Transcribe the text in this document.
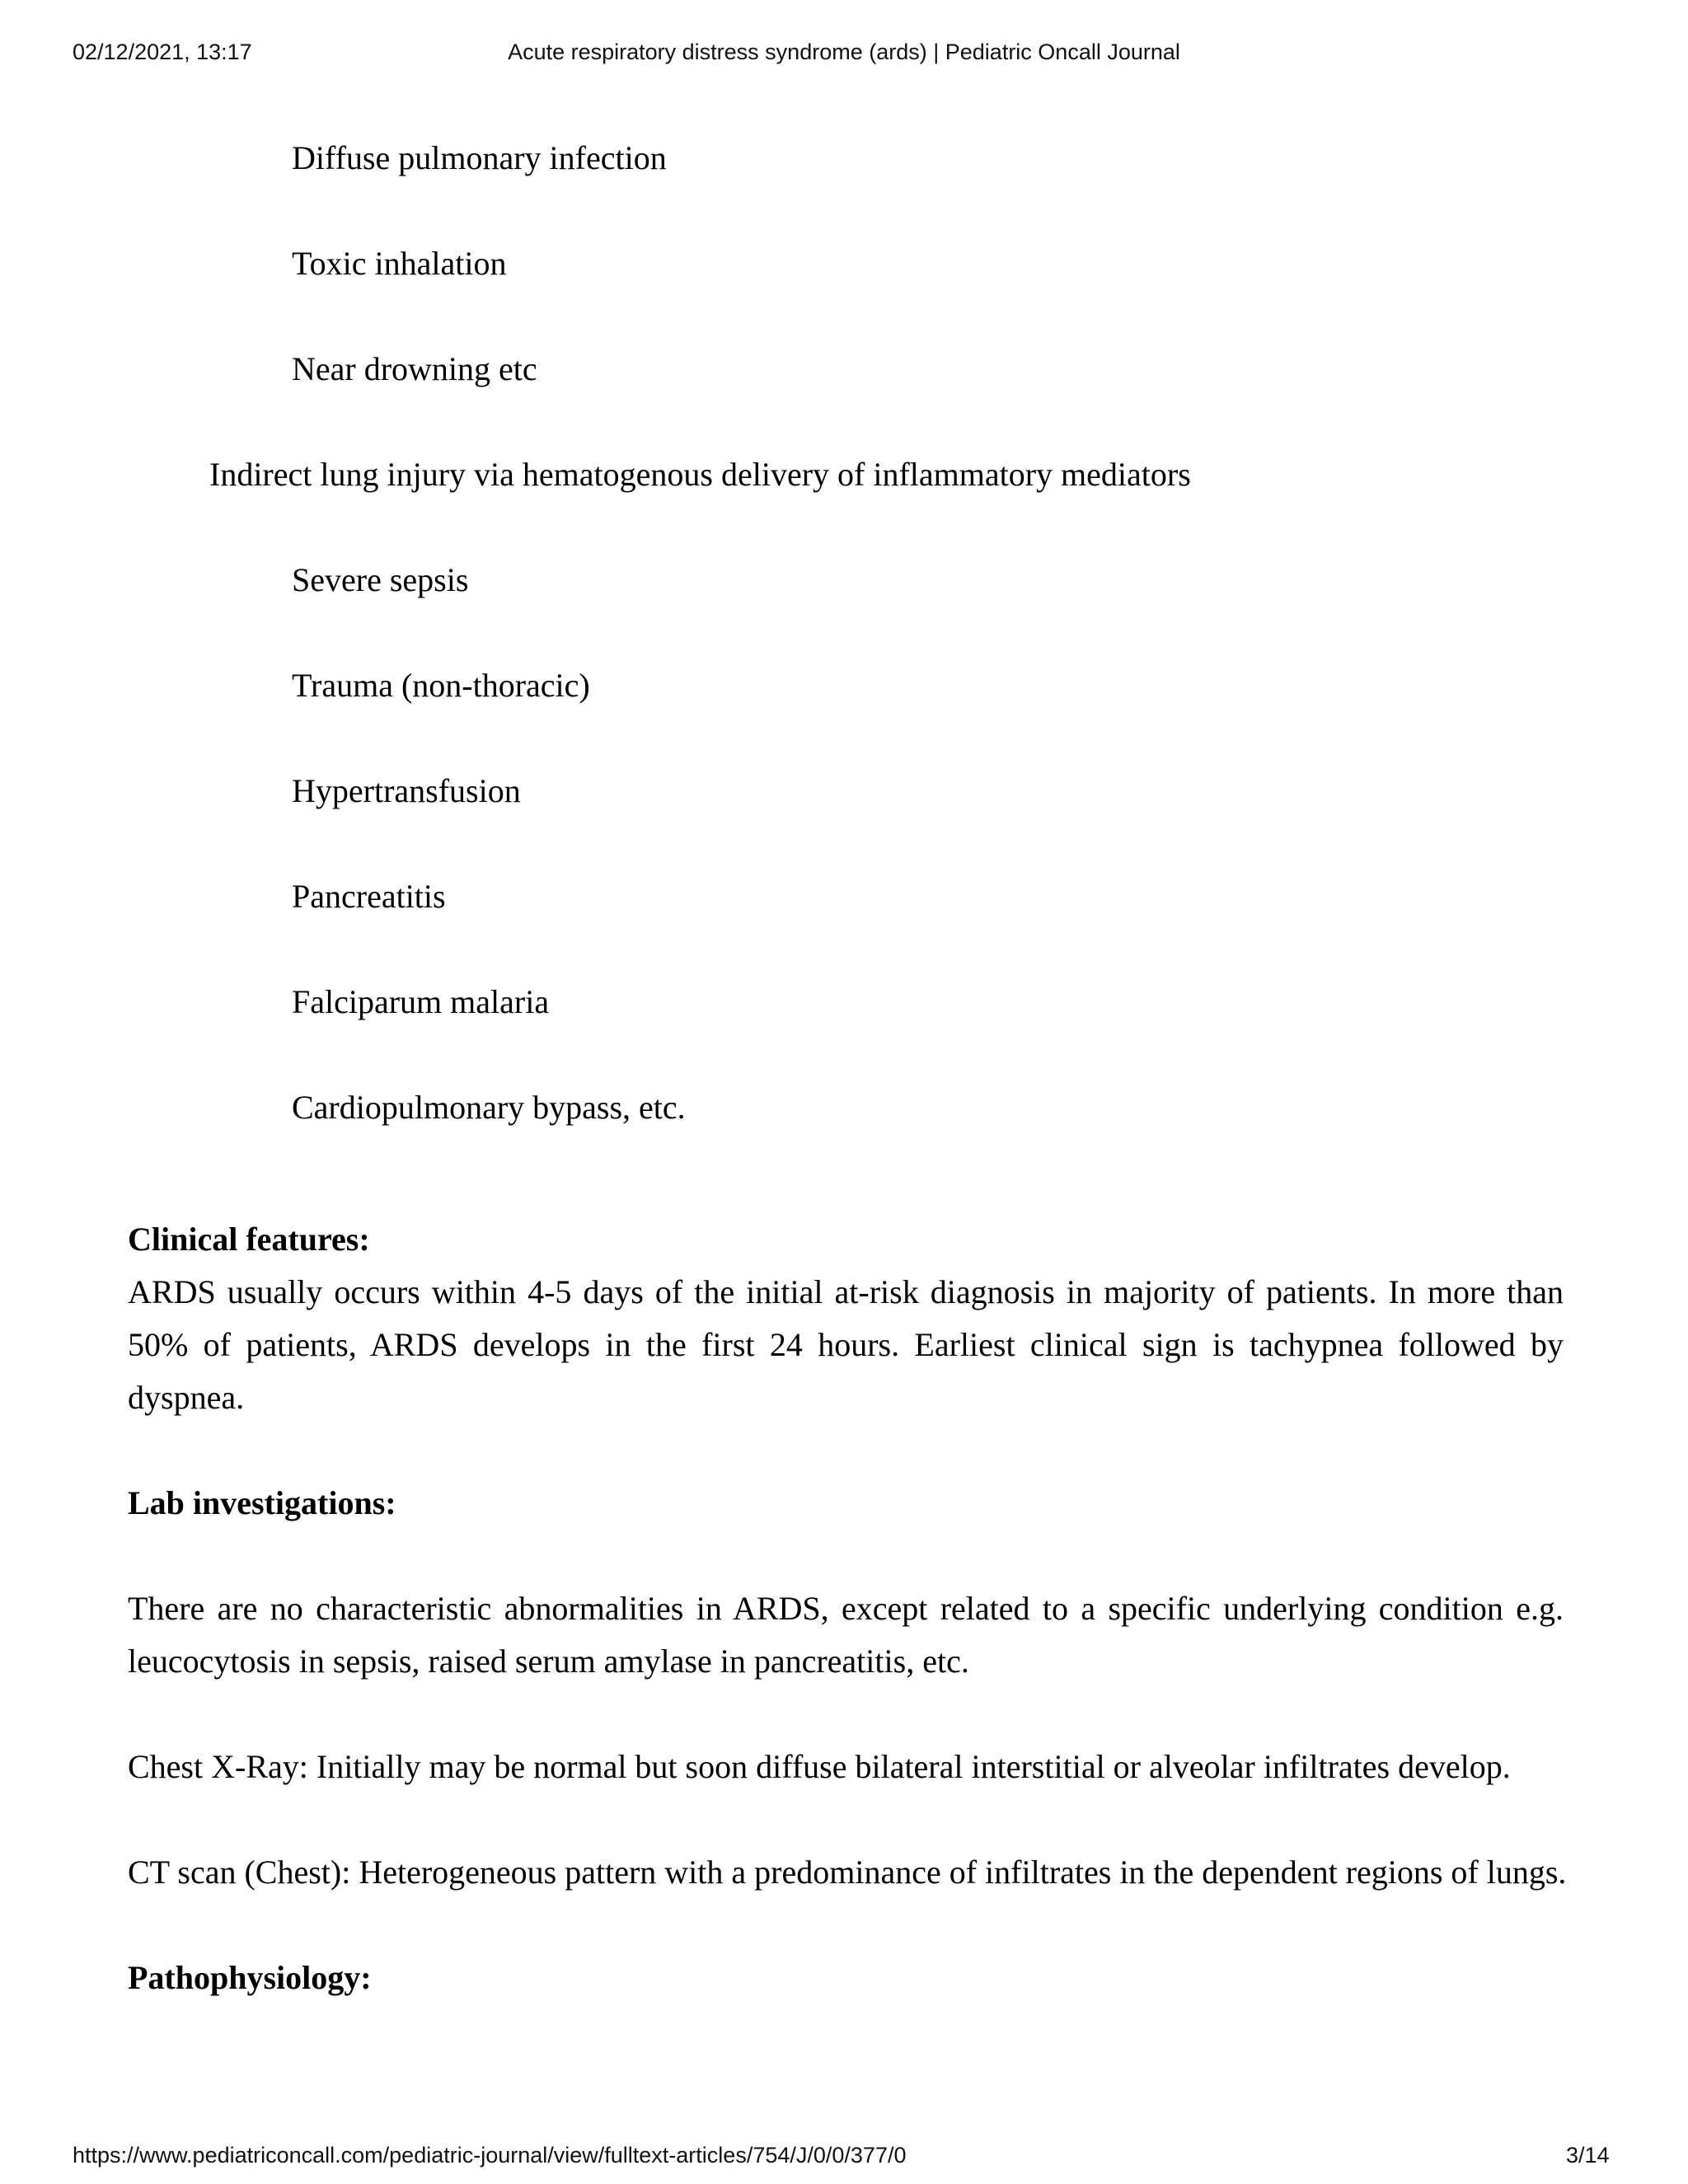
02/12/2021, 13:17	Acute respiratory distress syndrome (ards) | Pediatric Oncall Journal
Diffuse pulmonary infection
Toxic inhalation
Near drowning etc
Indirect lung injury via hematogenous delivery of inflammatory mediators
Severe sepsis
Trauma (non-thoracic)
Hypertransfusion
Pancreatitis
Falciparum malaria
Cardiopulmonary bypass, etc.
Clinical features:
ARDS usually occurs within 4-5 days of the initial at-risk diagnosis in majority of patients. In more than 50% of patients, ARDS develops in the first 24 hours. Earliest clinical sign is tachypnea followed by dyspnea.
Lab investigations:
There are no characteristic abnormalities in ARDS, except related to a specific underlying condition e.g. leucocytosis in sepsis, raised serum amylase in pancreatitis, etc.
Chest X-Ray: Initially may be normal but soon diffuse bilateral interstitial or alveolar infiltrates develop.
CT scan (Chest): Heterogeneous pattern with a predominance of infiltrates in the dependent regions of lungs.
Pathophysiology:
https://www.pediatriconcall.com/pediatric-journal/view/fulltext-articles/754/J/0/0/377/0	3/14
